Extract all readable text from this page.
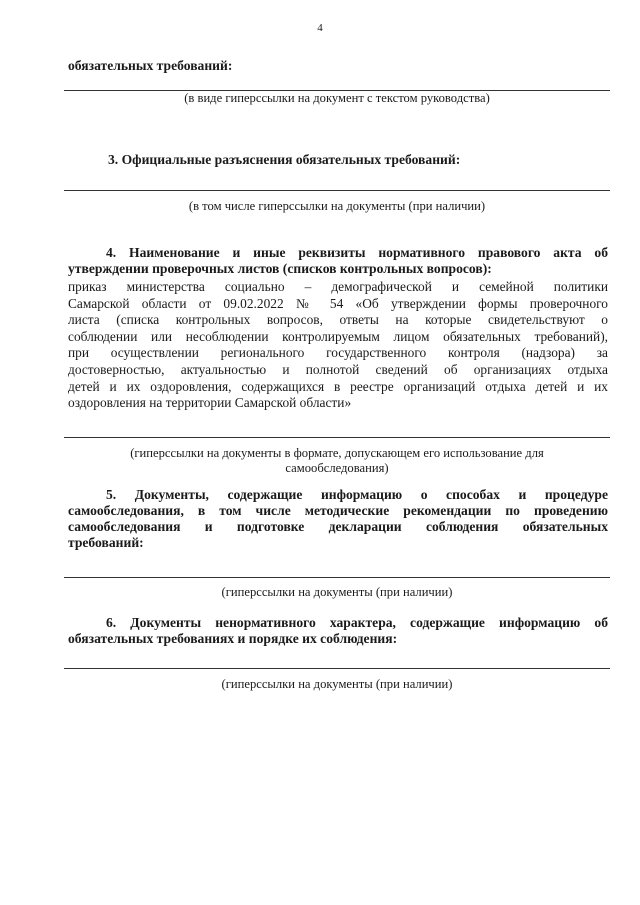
4
обязательных требований:
(в виде гиперссылки на документ с текстом руководства)
3. Официальные разъяснения обязательных требований:
(в том числе гиперссылки на документы (при наличии)
4. Наименование и иные реквизиты нормативного правового акта об
утверждении проверочных листов (списков контрольных вопросов):
приказ министерства социально – демографической и семейной политики
Самарской области от 09.02.2022 № 54 «Об утверждении формы проверочного
листа (списка контрольных вопросов, ответы на которые свидетельствуют о
соблюдении или несоблюдении контролируемым лицом обязательных требований),
при осуществлении регионального государственного контроля (надзора) за
достоверностью, актуальностью и полнотой сведений об организациях отдыха
детей и их оздоровления, содержащихся в реестре организаций отдыха детей и их
оздоровления на территории Самарской области»
(гиперссылки на документы в формате, допускающем его использование для
самообследования)
5. Документы, содержащие информацию о способах и процедуре
самообследования, в том числе методические рекомендации по проведению
самообследования и подготовке декларации соблюдения обязательных
требований:
(гиперссылки на документы (при наличии)
6. Документы ненормативного характера, содержащие информацию об
обязательных требованиях и порядке их соблюдения:
(гиперссылки на документы (при наличии)
